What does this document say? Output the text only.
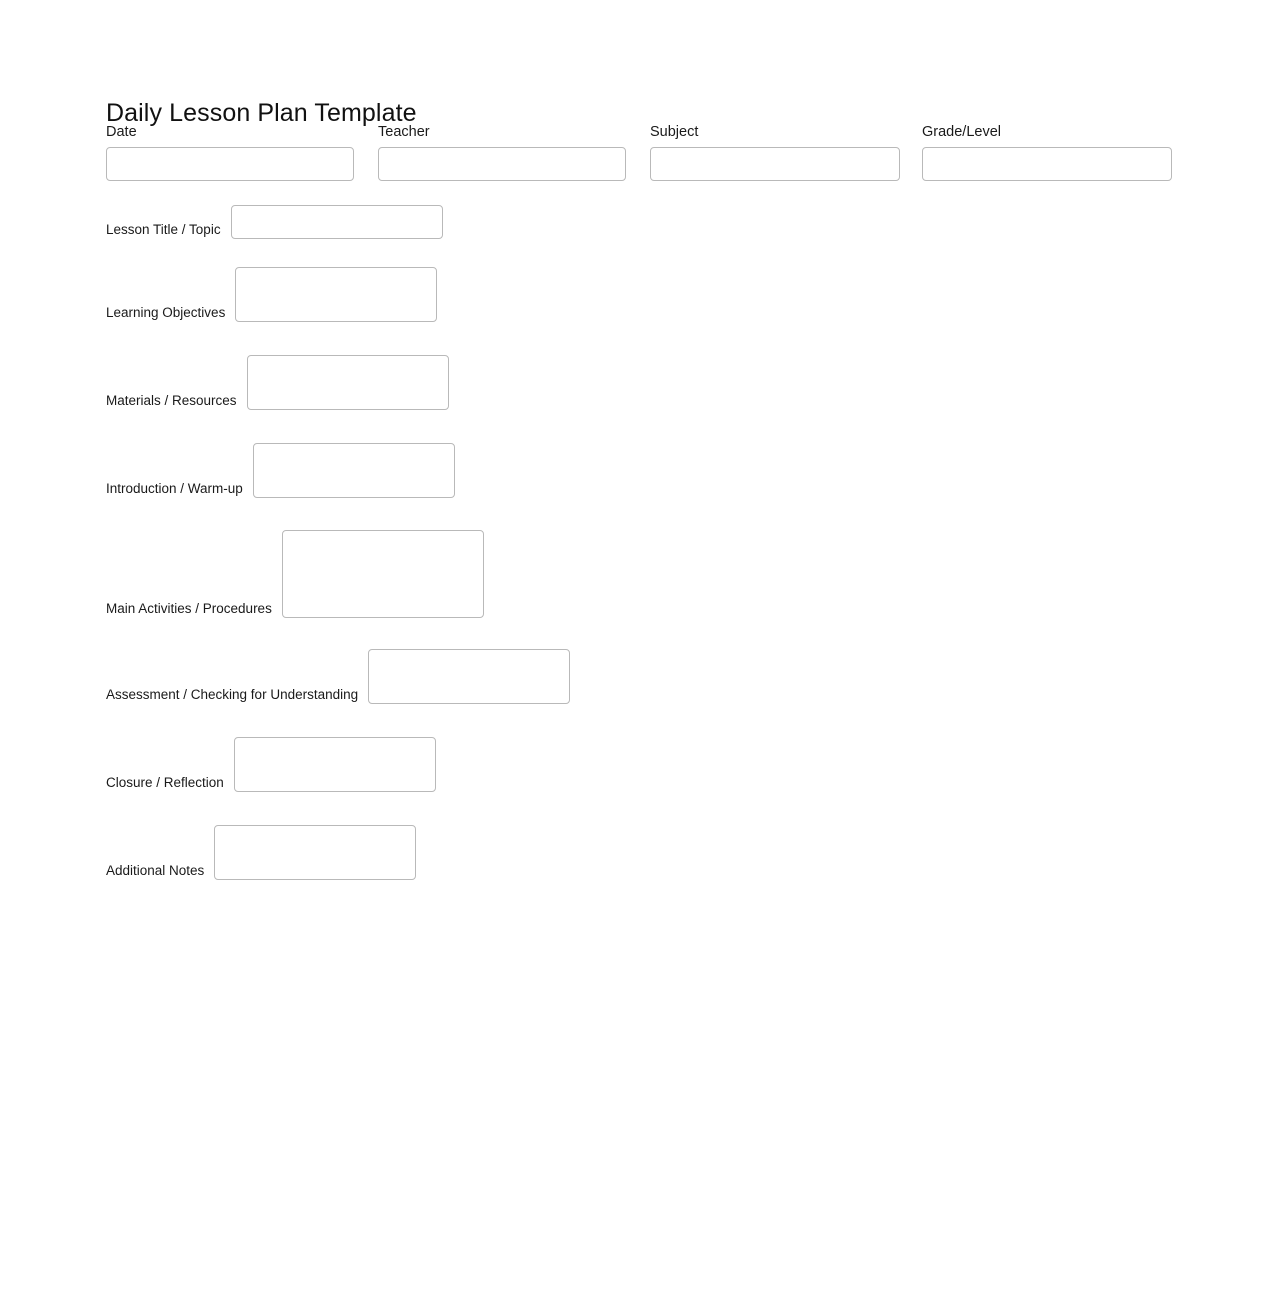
Daily Lesson Plan Template
Date	Teacher	Subject	Grade/Level
Lesson Title / Topic
Learning Objectives
Materials / Resources
Introduction / Warm-up
Main Activities / Procedures
Assessment / Checking for Understanding
Closure / Reflection
Additional Notes
